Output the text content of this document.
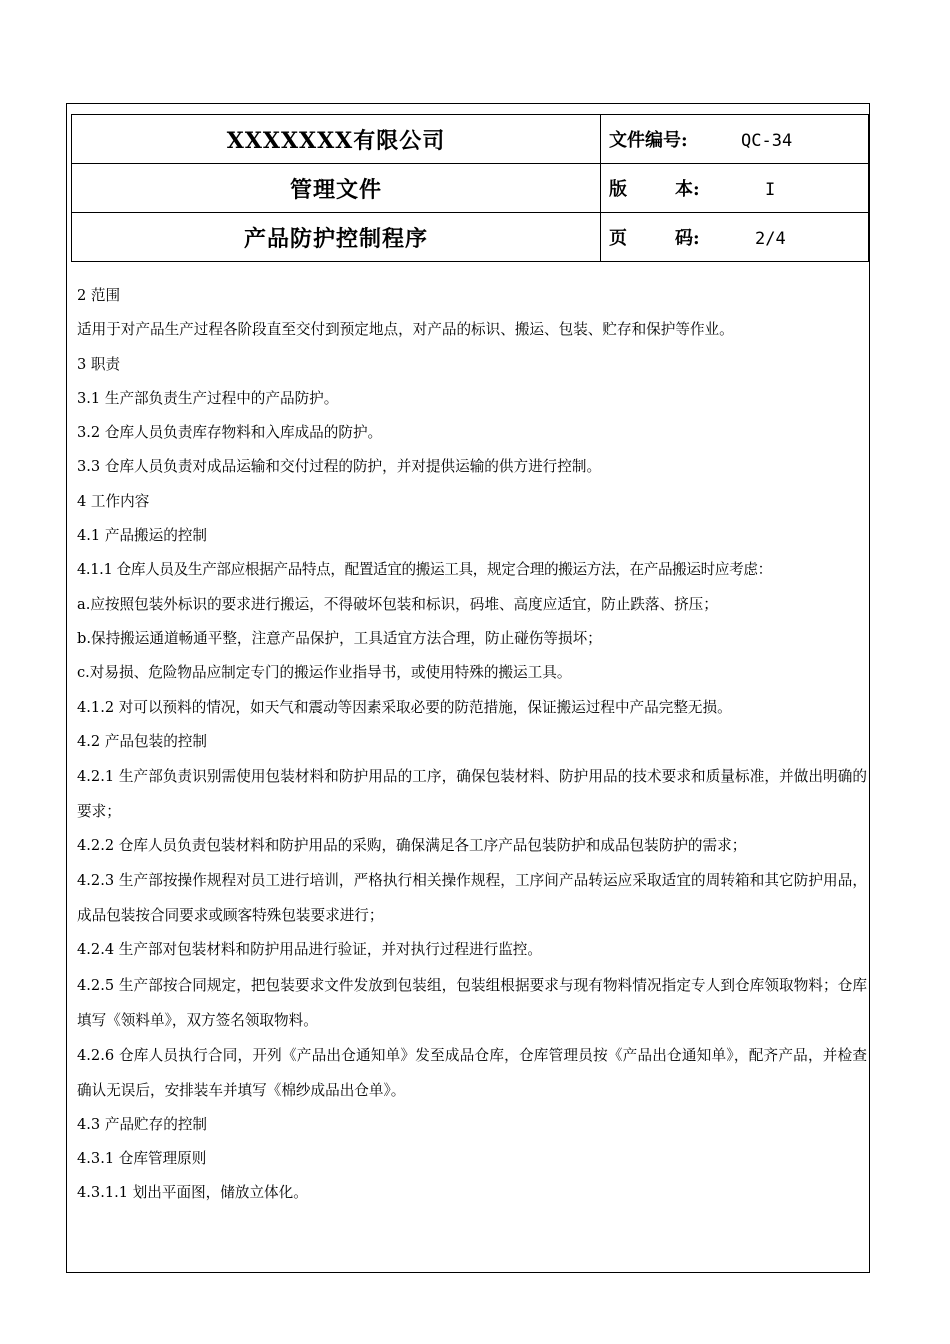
XXXXXXX有限公司	文件编号: QC-34
管理文件	版 本: I
产品防护控制程序	页 码: 2/4

2 范围

适用于对产品生产过程各阶段直至交付到预定地点，对产品的标识、搬运、包装、贮存和保护等作业。

3 职责

3.1 生产部负责生产过程中的产品防护。

3.2 仓库人员负责库存物料和入库成品的防护。

3.3 仓库人员负责对成品运输和交付过程的防护，并对提供运输的供方进行控制。

4 工作内容

4.1 产品搬运的控制

4.1.1 仓库人员及生产部应根据产品特点，配置适宜的搬运工具，规定合理的搬运方法，在产品搬运时应考虑：

a.应按照包装外标识的要求进行搬运，不得破坏包装和标识，码堆、高度应适宜，防止跌落、挤压；

b.保持搬运通道畅通平整，注意产品保护，工具适宜方法合理，防止碰伤等损坏；

c.对易损、危险物品应制定专门的搬运作业指导书，或使用特殊的搬运工具。

4.1.2 对可以预料的情况，如天气和震动等因素采取必要的防范措施，保证搬运过程中产品完整无损。

4.2 产品包装的控制

4.2.1 生产部负责识别需使用包装材料和防护用品的工序，确保包装材料、防护用品的技术要求和质量标准，并做出明确的要求；

4.2.2 仓库人员负责包装材料和防护用品的采购，确保满足各工序产品包装防护和成品包装防护的需求；

4.2.3 生产部按操作规程对员工进行培训，严格执行相关操作规程，工序间产品转运应采取适宜的周转箱和其它防护用品，成品包装按合同要求或顾客特殊包装要求进行；

4.2.4 生产部对包装材料和防护用品进行验证，并对执行过程进行监控。

4.2.5 生产部按合同规定，把包装要求文件发放到包装组，包装组根据要求与现有物料情况指定专人到仓库领取物料；仓库填写《领料单》，双方签名领取物料。

4.2.6 仓库人员执行合同，开列《产品出仓通知单》发至成品仓库，仓库管理员按《产品出仓通知单》，配齐产品，并检查确认无误后，安排装车并填写《棉纱成品出仓单》。

4.3 产品贮存的控制

4.3.1 仓库管理原则

4.3.1.1 划出平面图，储放立体化。
